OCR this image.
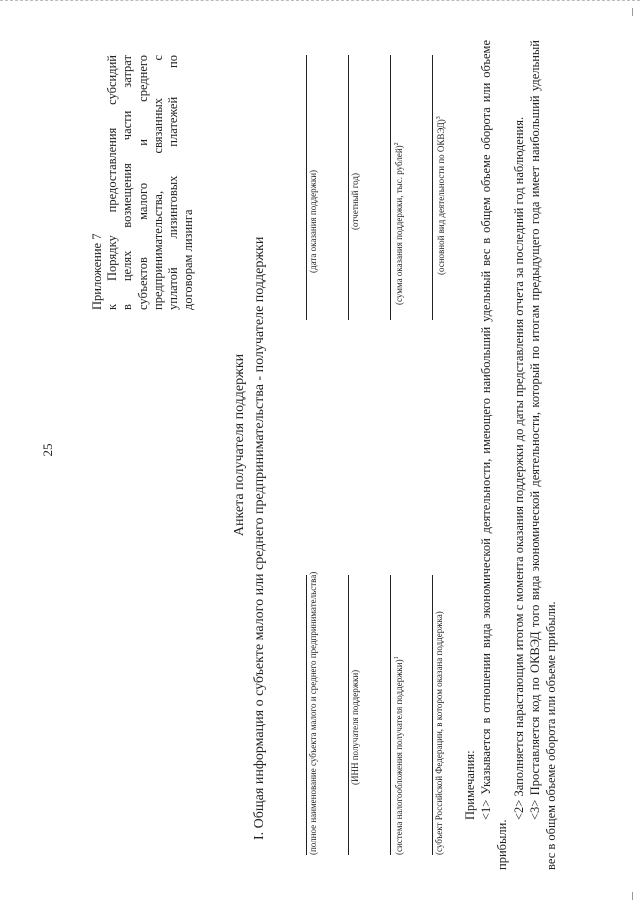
25
Приложение 7 к Порядку предоставления субсидий в целях возмещения части затрат субъектов малого и среднего предпринимательства, связанных с уплатой лизинговых платежей по договорам лизинга
Анкета получателя поддержки I. Общая информация о субъекте малого или среднего предпринимательства - получателе поддержки	(полное наименование субъекта малого и среднего предпринимательства)
(дата оказания поддержки)
(ИНН получателя поддержки)
(отчетный год)
(система налогообложения получателя поддержки)$^1$
(сумма оказания поддержки, тыс. рублей)$^2$
(субъект Российской Федерации, в котором оказана поддержка)
(основной вид деятельности по ОКВЭД)$^3$

Примечания: <1> Указывается в отношении вида экономической деятельности, имеющего наибольший удельный вес в общем объеме оборота или объеме прибыли.

<2> Заполняется нарастающим итогом с момента оказания поддержки до даты представления отчета за последний год наблюдения. <3> Проставляется код по ОКВЭД того вида экономической деятельности, который по итогам предыдущего года имеет наибольший удельный вес в общем объеме оборота или объеме прибыли.
